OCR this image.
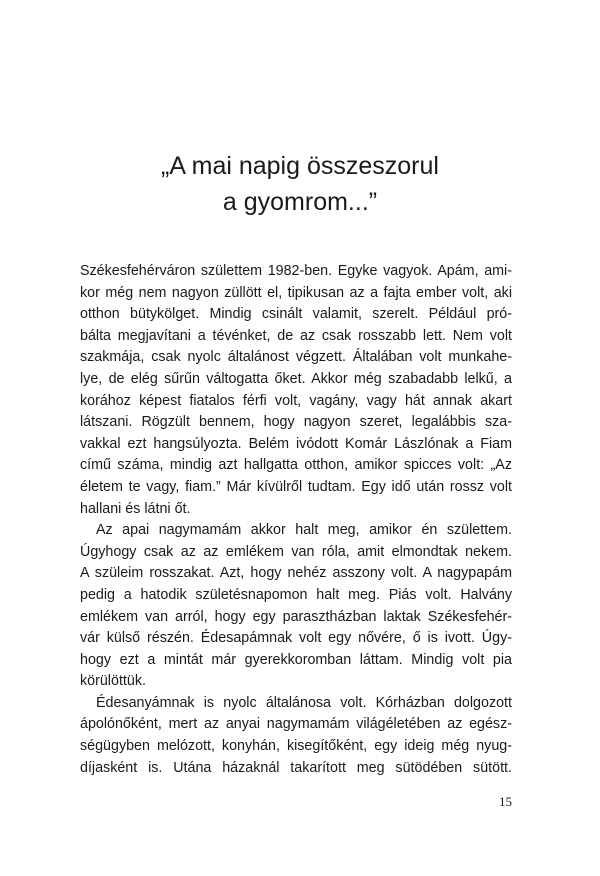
„A mai napig összeszorul
a gyomrom...”
Székesfehérváron születtem 1982-ben. Egyke vagyok. Apám, ami-
kor még nem nagyon züllött el, tipikusan az a fajta ember volt, aki
otthon bütykölget. Mindig csinált valamit, szerelt. Például pró-
bálta megjavítani a tévénket, de az csak rosszabb lett. Nem volt
szakmája, csak nyolc általánost végzett. Általában volt munkahe-
lye, de elég sűrűn váltogatta őket. Akkor még szabadabb lelkű, a
korához képest fiatalos férfi volt, vagány, vagy hát annak akart
látszani. Rögzült bennem, hogy nagyon szeret, legalábbis sza-
vakkal ezt hangsúlyozta. Belém ivódott Komár Lászlónak a Fiam
című száma, mindig azt hallgatta otthon, amikor spicces volt: „Az
életem te vagy, fiam.” Már kívülről tudtam. Egy idő után rossz volt
hallani és látni őt.
Az apai nagymamám akkor halt meg, amikor én születtem.
Úgyhogy csak az az emlékem van róla, amit elmondtak nekem.
A szüleim rosszakat. Azt, hogy nehéz asszony volt. A nagypapám
pedig a hatodik születésnapomon halt meg. Piás volt. Halvány
emlékem van arról, hogy egy parasztházban laktak Székesfehér-
vár külső részén. Édesapámnak volt egy nővére, ő is ivott. Úgy-
hogy ezt a mintát már gyerekkoromban láttam. Mindig volt pia
körülöttük.
Édesanyámnak is nyolc általánosa volt. Kórházban dolgozott
ápolónőként, mert az anyai nagymamám világéletében az egész-
ségügyben melózott, konyhán, kisegítőként, egy ideig még nyug-
díjasként is. Utána házaknál takarított meg sütödében sütött.
15
